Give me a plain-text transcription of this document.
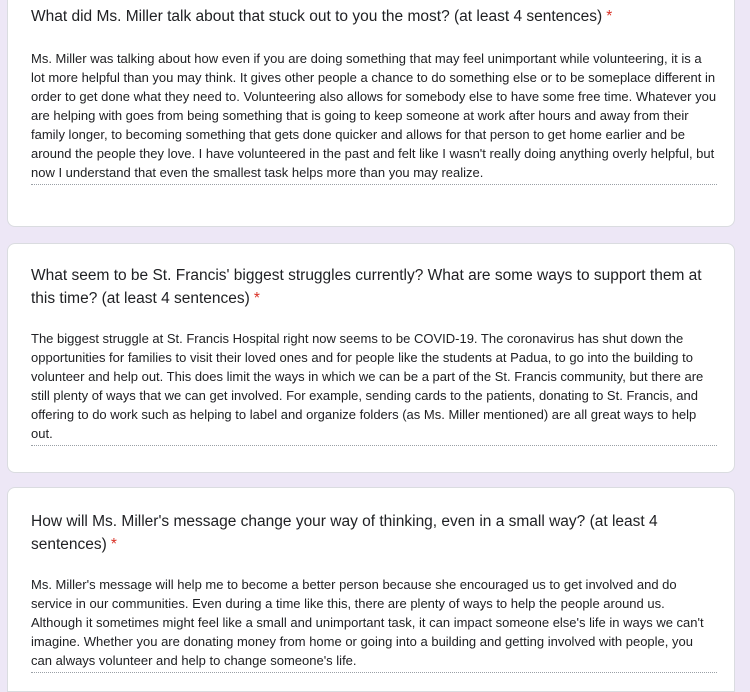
What did Ms. Miller talk about that stuck out to you the most? (at least 4 sentences) *
Ms. Miller was talking about how even if you are doing something that may feel unimportant while volunteering, it is a lot more helpful than you may think. It gives other people a chance to do something else or to be someplace different in order to get done what they need to. Volunteering also allows for somebody else to have some free time. Whatever you are helping with goes from being something that is going to keep someone at work after hours and away from their family longer, to becoming something that gets done quicker and allows for that person to get home earlier and be around the people they love. I have volunteered in the past and felt like I wasn't really doing anything overly helpful, but now I understand that even the smallest task helps more than you may realize.
What seem to be St. Francis' biggest struggles currently? What are some ways to support them at this time? (at least 4 sentences) *
The biggest struggle at St. Francis Hospital right now seems to be COVID-19. The coronavirus has shut down the opportunities for families to visit their loved ones and for people like the students at Padua, to go into the building to volunteer and help out. This does limit the ways in which we can be a part of the St. Francis community, but there are still plenty of ways that we can get involved. For example, sending cards to the patients, donating to St. Francis, and offering to do work such as helping to label and organize folders (as Ms. Miller mentioned) are all great ways to help out.
How will Ms. Miller's message change your way of thinking, even in a small way? (at least 4 sentences) *
Ms. Miller's message will help me to become a better person because she encouraged us to get involved and do service in our communities. Even during a time like this, there are plenty of ways to help the people around us. Although it sometimes might feel like a small and unimportant task, it can impact someone else's life in ways we can't imagine. Whether you are donating money from home or going into a building and getting involved with people, you can always volunteer and help to change someone's life.
